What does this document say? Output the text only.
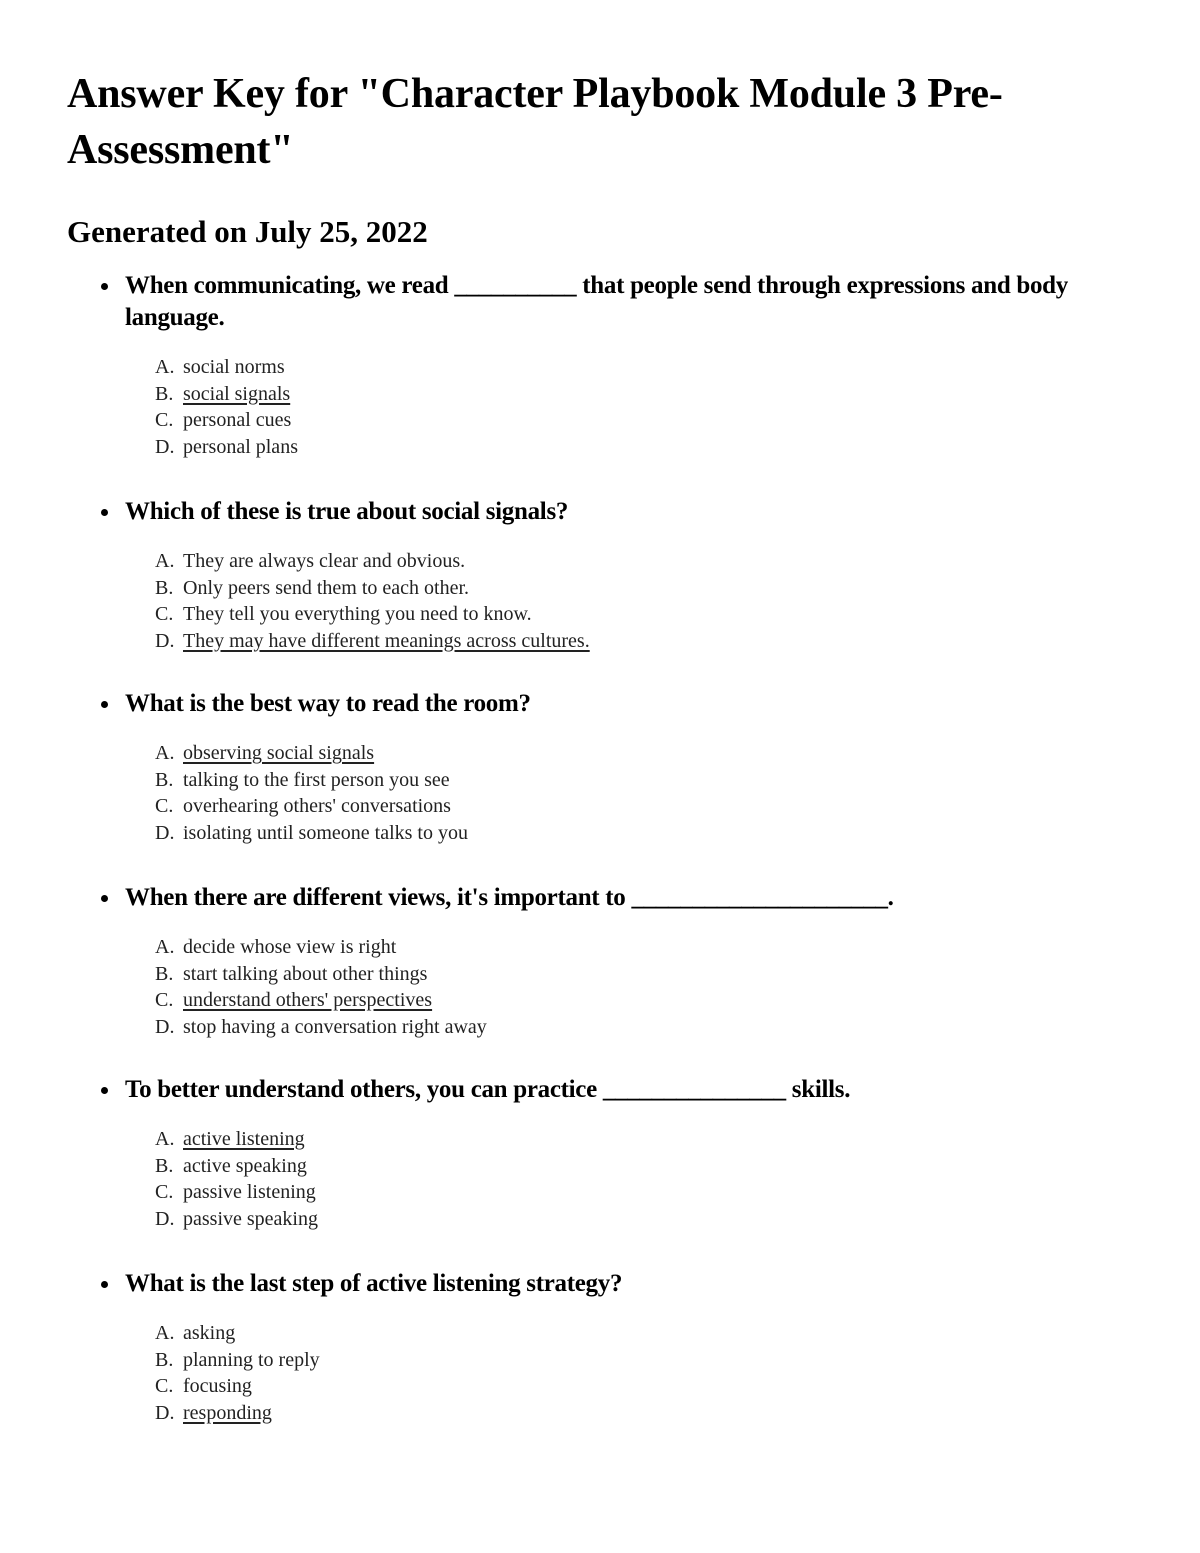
Answer Key for "Character Playbook Module 3 Pre-Assessment"
Generated on July 25, 2022
When communicating, we read __________ that people send through expressions and body language.
A. social norms
B. social signals
C. personal cues
D. personal plans
Which of these is true about social signals?
A. They are always clear and obvious.
B. Only peers send them to each other.
C. They tell you everything you need to know.
D. They may have different meanings across cultures.
What is the best way to read the room?
A. observing social signals
B. talking to the first person you see
C. overhearing others' conversations
D. isolating until someone talks to you
When there are different views, it's important to _____________________.
A. decide whose view is right
B. start talking about other things
C. understand others' perspectives
D. stop having a conversation right away
To better understand others, you can practice _______________ skills.
A. active listening
B. active speaking
C. passive listening
D. passive speaking
What is the last step of active listening strategy?
A. asking
B. planning to reply
C. focusing
D. responding
